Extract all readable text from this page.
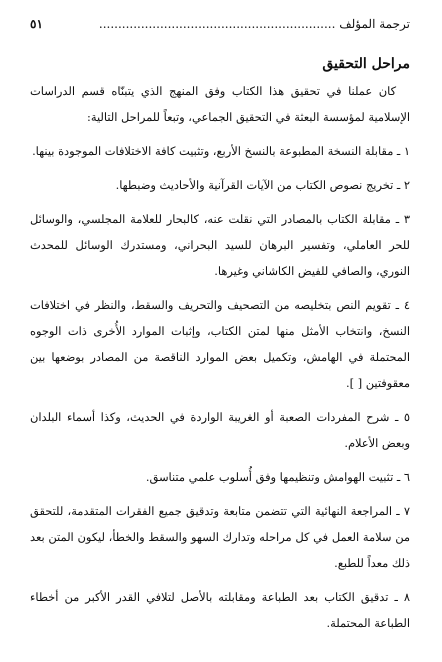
ترجمة المؤلف ..............................................................
٥١
مراحل التحقيق

كان عملنا في تحقيق هذا الكتاب وفق المنهج الذي يتبنّاه قسم الدراسات الإسلامية لمؤسسة البعثة في التحقيق الجماعي، وتبعاً للمراحل التالية:

١ ـ مقابلة النسخة المطبوعة بالنسخ الأربع، وتثبيت كافة الاختلافات الموجودة بينها.

٢ ـ تخريج نصوص الكتاب من الآيات القرآنية والأحاديث وضبطها.

٣ ـ مقابلة الكتاب بالمصادر التي نقلت عنه، كالبحار للعلامة المجلسي، والوسائل للحر العاملي، وتفسير البرهان للسيد البحراني، ومستدرك الوسائل للمحدث النوري، والصافي للفيض الكاشاني وغيرها.

٤ ـ تقويم النص بتخليصه من التصحيف والتحريف والسقط، والنظر في اختلافات النسخ، وانتخاب الأمثل منها لمتن الكتاب، وإثبات الموارد الأُخرى ذات الوجوه المحتملة في الهامش، وتكميل بعض الموارد الناقصة من المصادر بوضعها بين معقوفتين [ ].

٥ ـ شرح المفردات الصعبة أو الغريبة الواردة في الحديث، وكذا أسماء البلدان وبعض الأعلام.

٦ ـ تثبيت الهوامش وتنظيمها وفق أُسلوب علمي متناسق.

٧ ـ المراجعة النهائية التي تتضمن متابعة وتدقيق جميع الفقرات المتقدمة، للتحقق من سلامة العمل في كل مراحله وتدارك السهو والسقط والخطأ، ليكون المتن بعد ذلك معداً للطبع.

٨ ـ تدقيق الكتاب بعد الطباعة ومقابلته بالأصل لتلافي القدر الأكبر من أخطاء الطباعة المحتملة.
